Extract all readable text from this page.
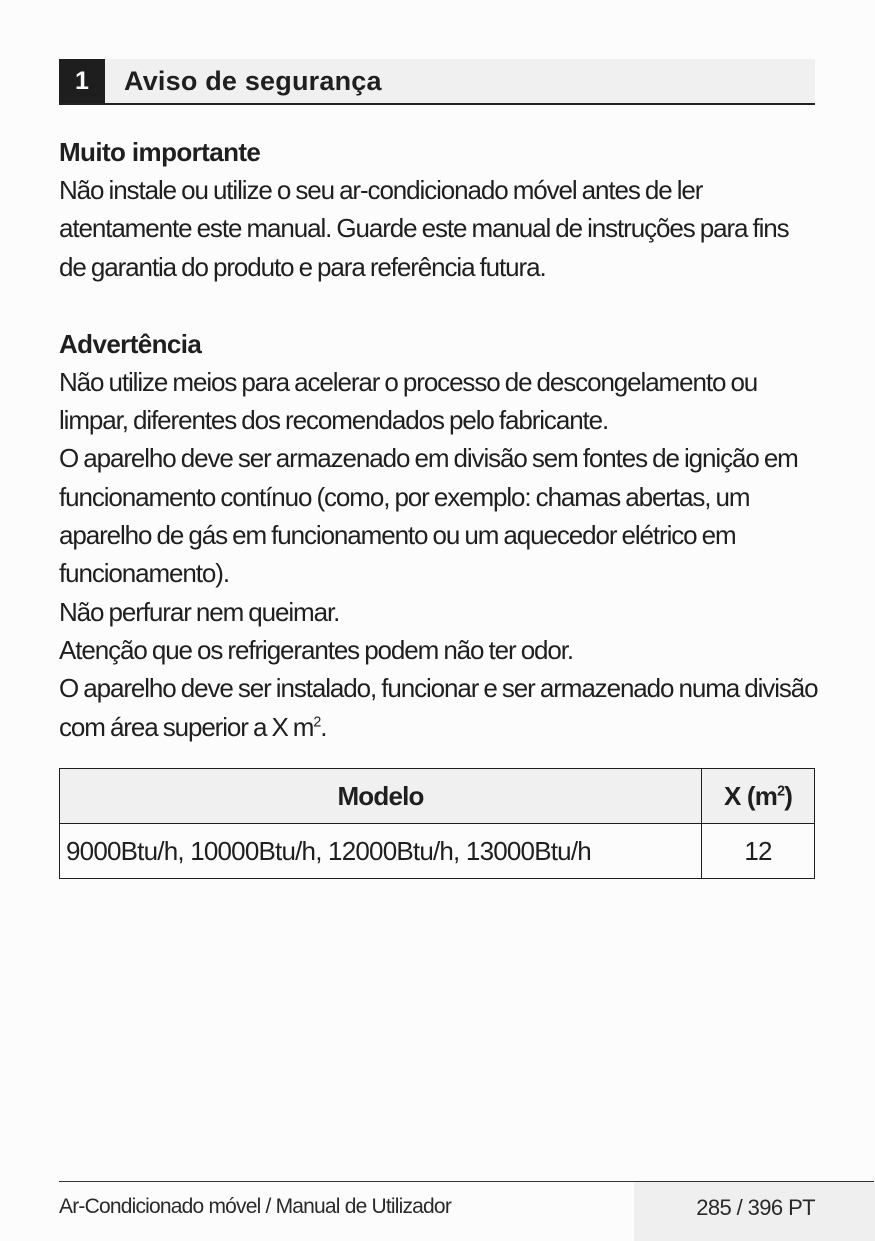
1	Aviso de segurança
Muito importante

Não instale ou utilize o seu ar-condicionado móvel antes de ler atentamente este manual. Guarde este manual de instruções para fins de garantia do produto e para referência futura.

Advertência

Não utilize meios para acelerar o processo de descongelamento ou limpar, diferentes dos recomendados pelo fabricante.

O aparelho deve ser armazenado em divisão sem fontes de ignição em funcionamento contínuo (como, por exemplo: chamas abertas, um aparelho de gás em funcionamento ou um aquecedor elétrico em funcionamento).

Não perfurar nem queimar.

Atenção que os refrigerantes podem não ter odor.

O aparelho deve ser instalado, funcionar e ser armazenado numa divisão com área superior a X $m^2$.

Modelo	X $(m^2)$
9000Btu/h, 10000Btu/h, 12000Btu/h, 13000Btu/h	12
Ar-Condicionado móvel / Manual de Utilizador	285 / 396 PT
